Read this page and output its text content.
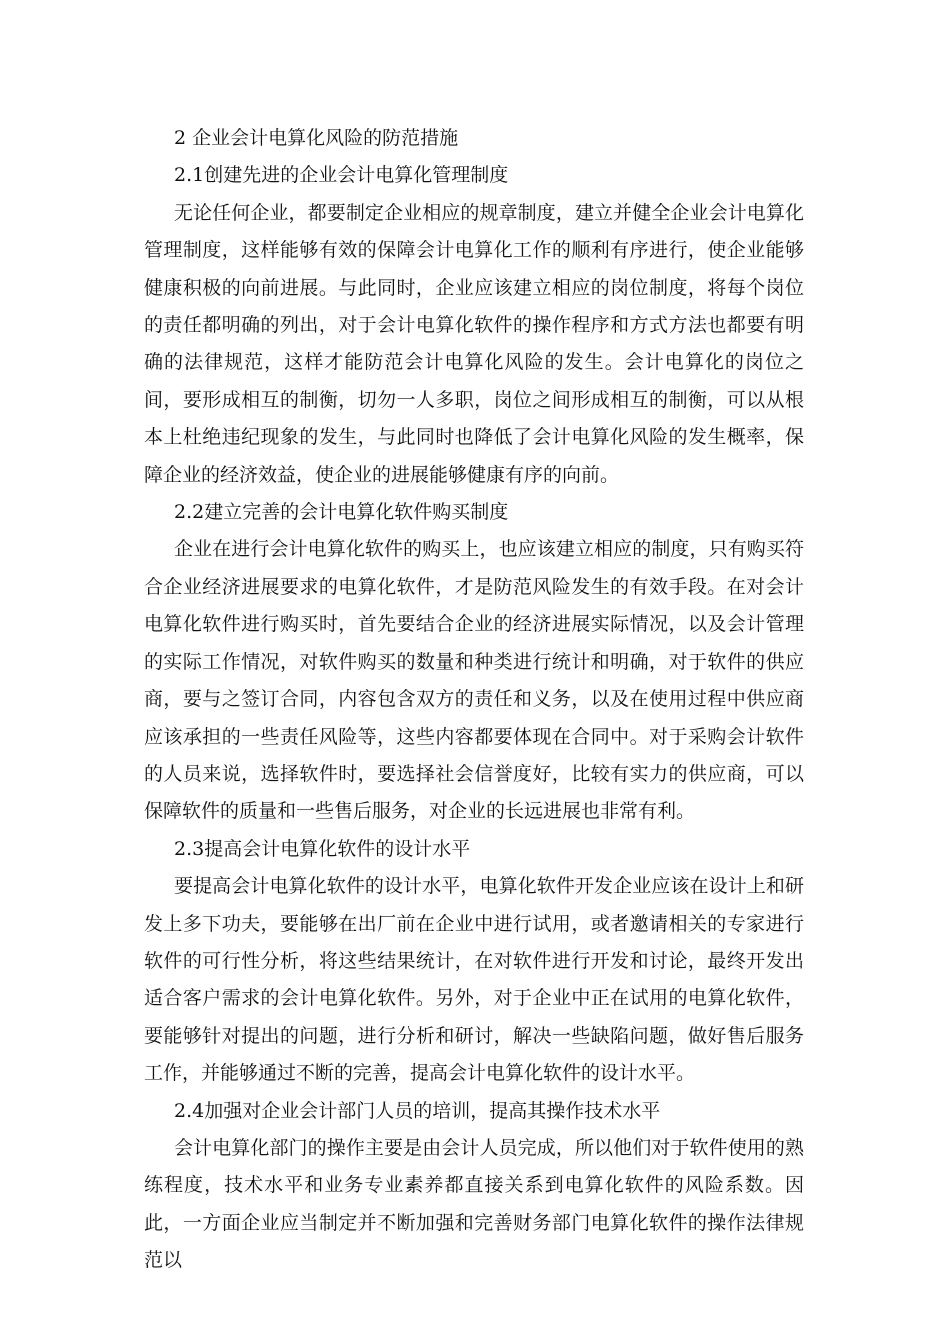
2 企业会计电算化风险的防范措施

2.1创建先进的企业会计电算化管理制度

无论任何企业，都要制定企业相应的规章制度，建立并健全企业会计电算化管理制度，这样能够有效的保障会计电算化工作的顺利有序进行，使企业能够健康积极的向前进展。与此同时，企业应该建立相应的岗位制度，将每个岗位的责任都明确的列出，对于会计电算化软件的操作程序和方式方法也都要有明确的法律规范，这样才能防范会计电算化风险的发生。会计电算化的岗位之间，要形成相互的制衡，切勿一人多职，岗位之间形成相互的制衡，可以从根本上杜绝违纪现象的发生，与此同时也降低了会计电算化风险的发生概率，保障企业的经济效益，使企业的进展能够健康有序的向前。

2.2建立完善的会计电算化软件购买制度

企业在进行会计电算化软件的购买上，也应该建立相应的制度，只有购买符合企业经济进展要求的电算化软件，才是防范风险发生的有效手段。在对会计电算化软件进行购买时，首先要结合企业的经济进展实际情况，以及会计管理的实际工作情况，对软件购买的数量和种类进行统计和明确，对于软件的供应商，要与之签订合同，内容包含双方的责任和义务，以及在使用过程中供应商应该承担的一些责任风险等，这些内容都要体现在合同中。对于采购会计软件的人员来说，选择软件时，要选择社会信誉度好，比较有实力的供应商，可以保障软件的质量和一些售后服务，对企业的长远进展也非常有利。

2.3提高会计电算化软件的设计水平

要提高会计电算化软件的设计水平，电算化软件开发企业应该在设计上和研发上多下功夫，要能够在出厂前在企业中进行试用，或者邀请相关的专家进行软件的可行性分析，将这些结果统计，在对软件进行开发和讨论，最终开发出适合客户需求的会计电算化软件。另外，对于企业中正在试用的电算化软件，要能够针对提出的问题，进行分析和研讨，解决一些缺陷问题，做好售后服务工作，并能够通过不断的完善，提高会计电算化软件的设计水平。

2.4加强对企业会计部门人员的培训，提高其操作技术水平

会计电算化部门的操作主要是由会计人员完成，所以他们对于软件使用的熟练程度，技术水平和业务专业素养都直接关系到电算化软件的风险系数。因此，一方面企业应当制定并不断加强和完善财务部门电算化软件的操作法律规范以
